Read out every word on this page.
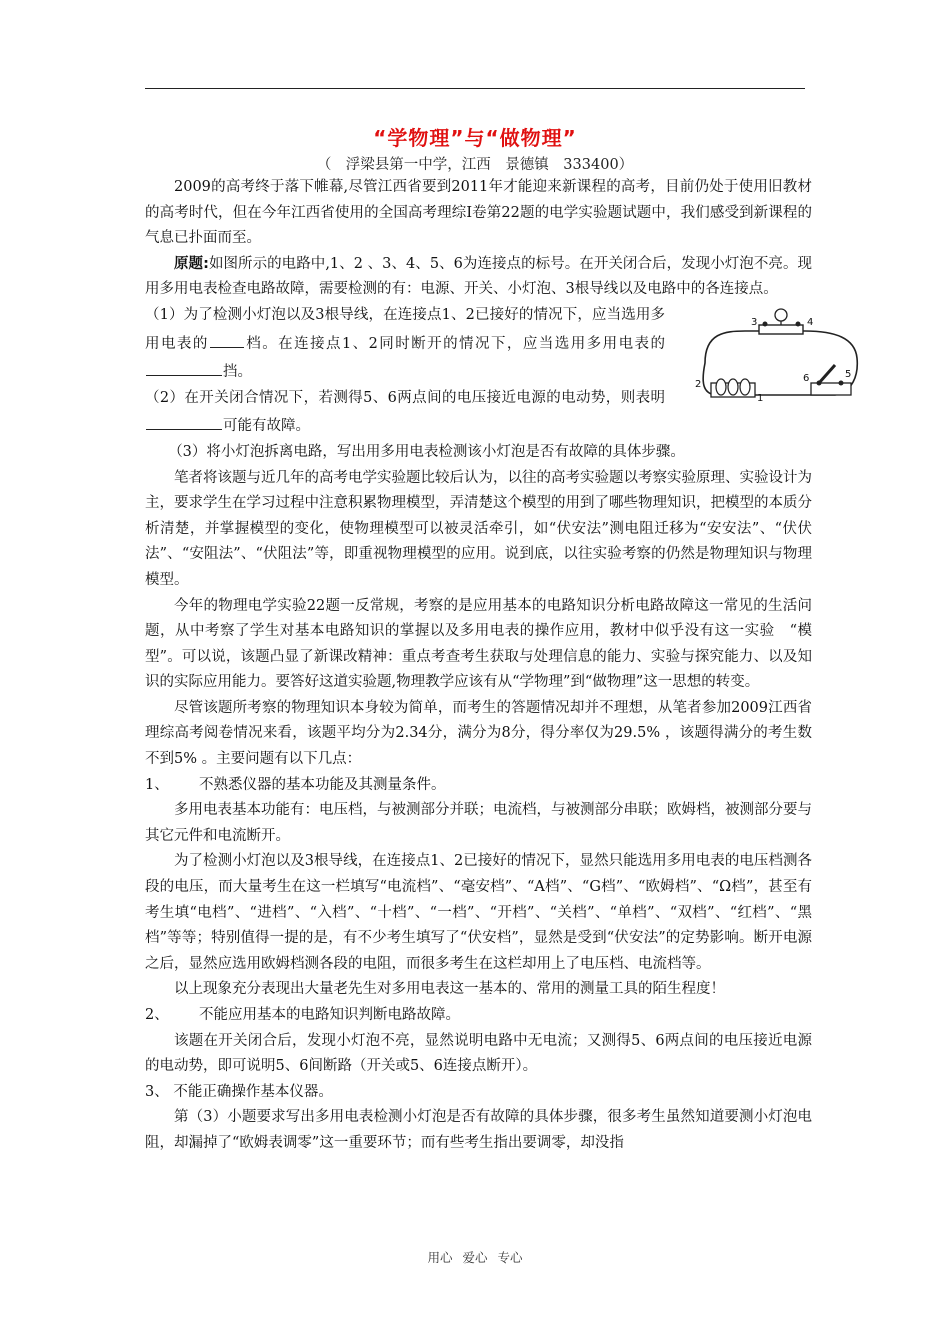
“学物理”与“做物理”
（　浮梁县第一中学，江西　景德镇　333400）

2009的高考终于落下帷幕,尽管江西省要到2011年才能迎来新课程的高考，目前仍处于使用旧教材的高考时代，但在今年江西省使用的全国高考理综I卷第22题的电学实验题试题中，我们感受到新课程的气息已扑面而至。

原题:如图所示的电路中,1、2 、3、4、5、6为连接点的标号。在开关闭合后，发现小灯泡不亮。现用多用电表检查电路故障，需要检测的有：电源、开关、小灯泡、3根导线以及电路中的各连接点。

（1）为了检测小灯泡以及3根导线，在连接点1、2已接好的情况下，应当选用多用电表的 档。在连接点1、2同时断开的情况下，应当选用多用电表的挡。

（2）在开关闭合情况下，若测得5、6两点间的电压接近电源的电动势，则表明可能有故障。

3	4
2
1
6	5

（3）将小灯泡拆离电路，写出用多用电表检测该小灯泡是否有故障的具体步骤。

笔者将该题与近几年的高考电学实验题比较后认为，以往的高考实验题以考察实验原理、实验设计为主，要求学生在学习过程中注意积累物理模型，弄清楚这个模型的用到了哪些物理知识，把模型的本质分析清楚，并掌握模型的变化，使物理模型可以被灵活牵引，如“伏安法”测电阻迁移为“安安法”、“伏伏法”、“安阻法”、“伏阻法”等，即重视物理模型的应用。说到底，以往实验考察的仍然是物理知识与物理模型。

今年的物理电学实验22题一反常规，考察的是应用基本的电路知识分析电路故障这一常见的生活问题，从中考察了学生对基本电路知识的掌握以及多用电表的操作应用，教材中似乎没有这一实验　“模型”。可以说，该题凸显了新课改精神：重点考查考生获取与处理信息的能力、实验与探究能力、以及知识的实际应用能力。要答好这道实验题,物理教学应该有从“学物理”到“做物理”这一思想的转变。

尽管该题所考察的物理知识本身较为简单，而考生的答题情况却并不理想，从笔者参加2009江西省理综高考阅卷情况来看，该题平均分为2.34分，满分为8分，得分率仅为29.5% ，该题得满分的考生数不到5% 。主要问题有以下几点：

1、 不熟悉仪器的基本功能及其测量条件。

多用电表基本功能有：电压档，与被测部分并联；电流档，与被测部分串联；欧姆档，被测部分要与其它元件和电流断开。

为了检测小灯泡以及3根导线，在连接点1、2已接好的情况下，显然只能选用多用电表的电压档测各段的电压，而大量考生在这一栏填写“电流档”、“毫安档”、“A档”、“G档”、“欧姆档”、“Ω档”，甚至有考生填“电档”、“进档”、“入档”、“十档”、“一档”、“开档”、“关档”、“单档”、“双档”、“红档”、“黑档”等等；特别值得一提的是，有不少考生填写了“伏安档”，显然是受到“伏安法”的定势影响。断开电源之后，显然应选用欧姆档测各段的电阻，而很多考生在这栏却用上了电压档、电流档等。

以上现象充分表现出大量老先生对多用电表这一基本的、常用的测量工具的陌生程度！

2、 不能应用基本的电路知识判断电路故障。

该题在开关闭合后，发现小灯泡不亮，显然说明电路中无电流；又测得5、6两点间的电压接近电源的电动势，即可说明5、6间断路（开关或5、6连接点断开）。

3、 不能正确操作基本仪器。

第（3）小题要求写出多用电表检测小灯泡是否有故障的具体步骤，很多考生虽然知道要测小灯泡电阻，却漏掉了“欧姆表调零”这一重要环节；而有些考生指出要调零，却没指

用心 爱心 专心
